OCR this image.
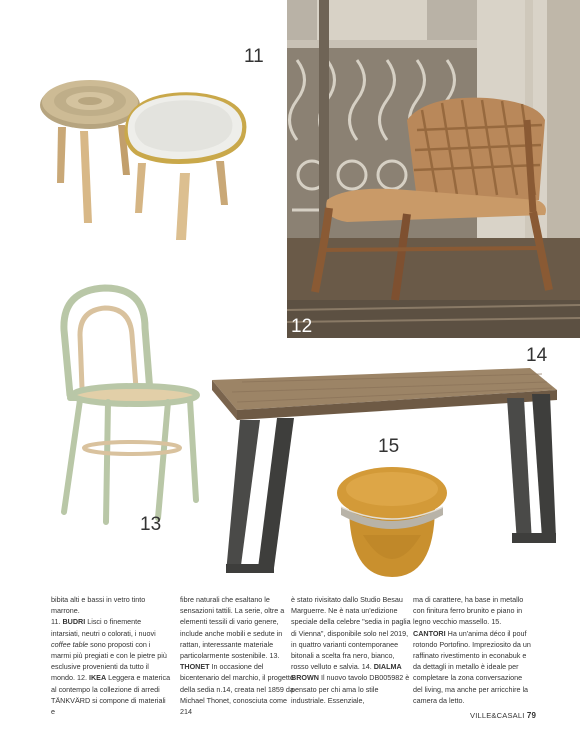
11
12
13
14
15

bibita alti e bassi in vetro tinto marrone.

11. BUDRI Lisci o finemente intarsiati, neutri o colorati, i nuovi coffee table sono proposti con i marmi più pregiati e con le pietre più esclusive provenienti da tutto il mondo. 12. IKEA Leggera e materica al contempo la collezione di arredi TÄNKVÄRD si compone di materiali e

fibre naturali che esaltano le sensazioni tattili. La serie, oltre a elementi tessili di vario genere, include anche mobili e sedute in rattan, interessante materiale particolarmente sostenibile. 13. THONET In occasione del bicentenario del marchio, il progetto della sedia n.14, creata nel 1859 da Michael Thonet, conosciuta come 214

è stato rivisitato dallo Studio Besau Marguerre. Ne è nata un'edizione speciale della celebre "sedia in paglia di Vienna", disponibile solo nel 2019, in quattro varianti contemporanee bitonali a scelta fra nero, bianco, rosso velluto e salvia. 14. DIALMA BROWN Il nuovo tavolo DB005982 è pensato per chi ama lo stile industriale. Essenziale,

ma di carattere, ha base in metallo con finitura ferro brunito e piano in legno vecchio massello. 15. CANTORI Ha un'anima déco il pouf rotondo Portofino. Impreziosito da un raffinato rivestimento in econabuk e da dettagli in metallo è ideale per completare la zona conversazione del living, ma anche per arricchire la camera da letto.

VILLE&CASALI 79
